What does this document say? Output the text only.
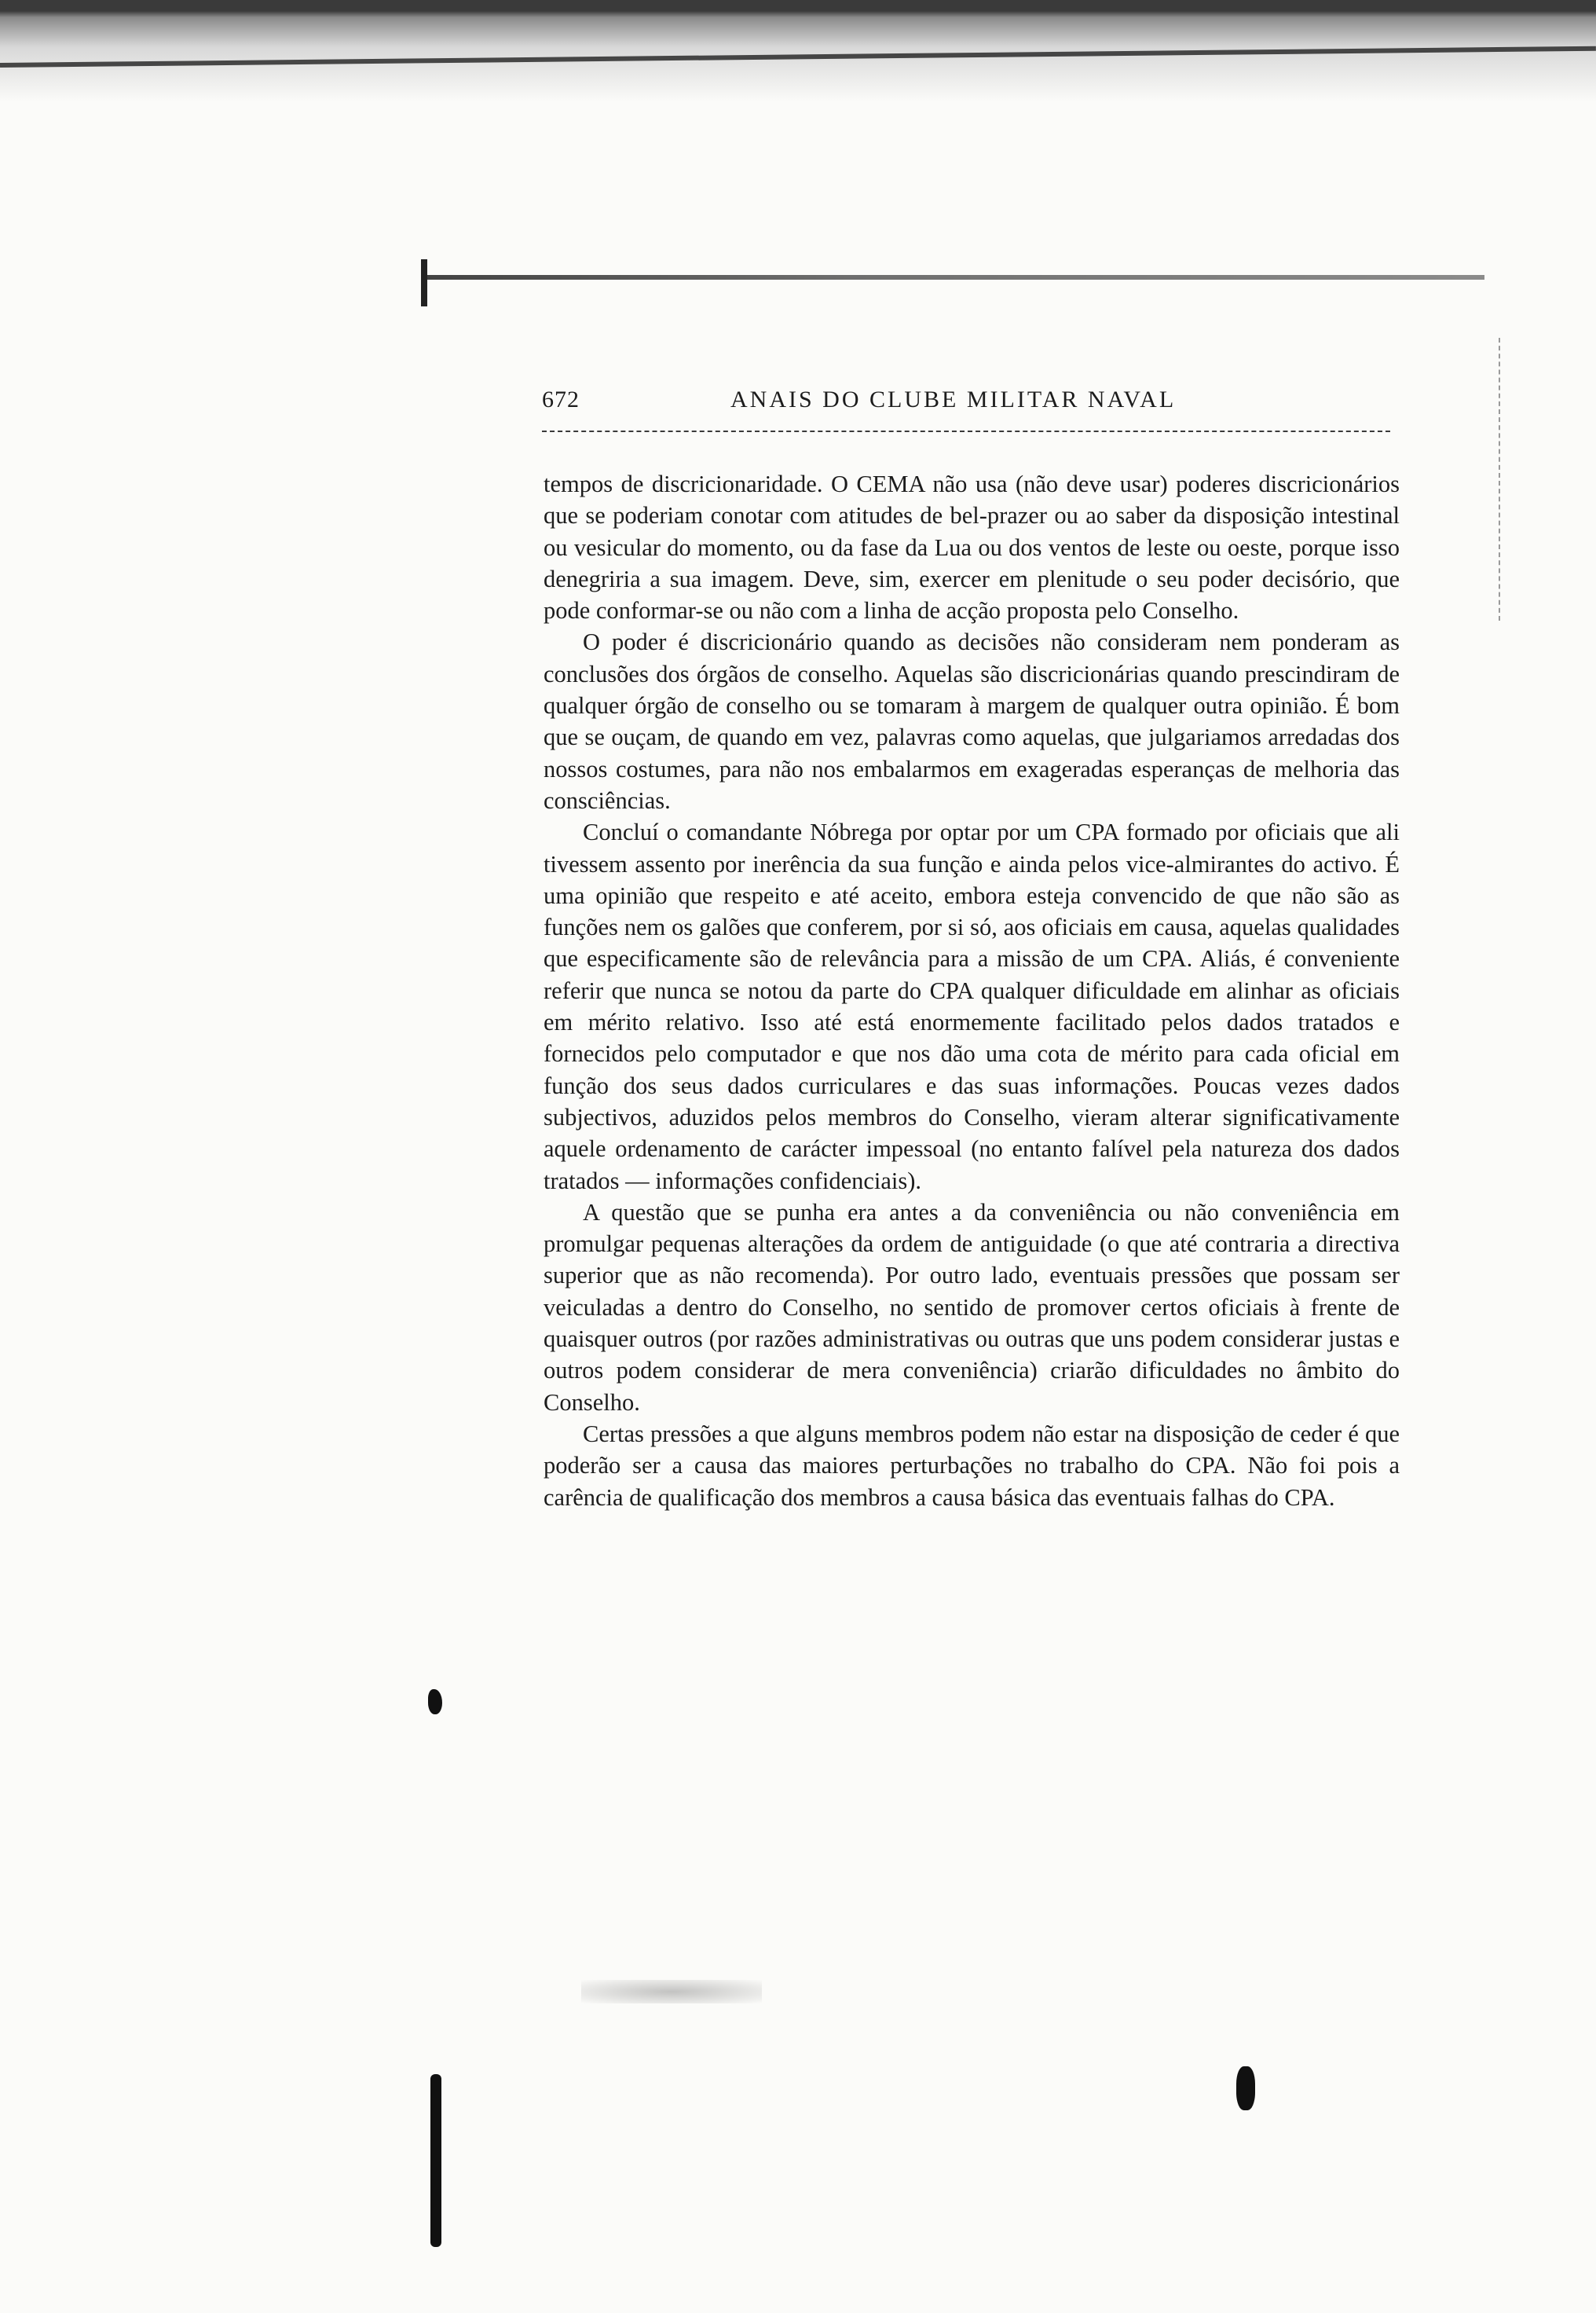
672	ANAIS DO CLUBE MILITAR NAVAL

tempos de discricionaridade. O CEMA não usa (não deve usar) poderes discricionários que se poderiam conotar com atitudes de bel-prazer ou ao saber da disposição intestinal ou vesicular do momento, ou da fase da Lua ou dos ventos de leste ou oeste, porque isso denegriria a sua imagem. Deve, sim, exercer em plenitude o seu poder decisório, que pode conformar-se ou não com a linha de acção proposta pelo Conselho.

O poder é discricionário quando as decisões não consideram nem ponderam as conclusões dos órgãos de conselho. Aquelas são discricionárias quando prescindiram de qualquer órgão de conselho ou se tomaram à margem de qualquer outra opinião. É bom que se ouçam, de quando em vez, palavras como aquelas, que julgariamos arredadas dos nossos costumes, para não nos embalarmos em exageradas esperanças de melhoria das consciências.

Concluí o comandante Nóbrega por optar por um CPA formado por oficiais que ali tivessem assento por inerência da sua função e ainda pelos vice-almirantes do activo. É uma opinião que respeito e até aceito, embora esteja convencido de que não são as funções nem os galões que conferem, por si só, aos oficiais em causa, aquelas qualidades que especificamente são de relevância para a missão de um CPA. Aliás, é conveniente referir que nunca se notou da parte do CPA qualquer dificuldade em alinhar as oficiais em mérito relativo. Isso até está enormemente facilitado pelos dados tratados e fornecidos pelo computador e que nos dão uma cota de mérito para cada oficial em função dos seus dados curriculares e das suas informações. Poucas vezes dados subjectivos, aduzidos pelos membros do Conselho, vieram alterar significativamente aquele ordenamento de carácter impessoal (no entanto falível pela natureza dos dados tratados — informações confidenciais).

A questão que se punha era antes a da conveniência ou não conveniência em promulgar pequenas alterações da ordem de antiguidade (o que até contraria a directiva superior que as não recomenda). Por outro lado, eventuais pressões que possam ser veiculadas a dentro do Conselho, no sentido de promover certos oficiais à frente de quaisquer outros (por razões administrativas ou outras que uns podem considerar justas e outros podem considerar de mera conveniência) criarão dificuldades no âmbito do Conselho.

Certas pressões a que alguns membros podem não estar na disposição de ceder é que poderão ser a causa das maiores perturbações no trabalho do CPA. Não foi pois a carência de qualificação dos membros a causa básica das eventuais falhas do CPA.
